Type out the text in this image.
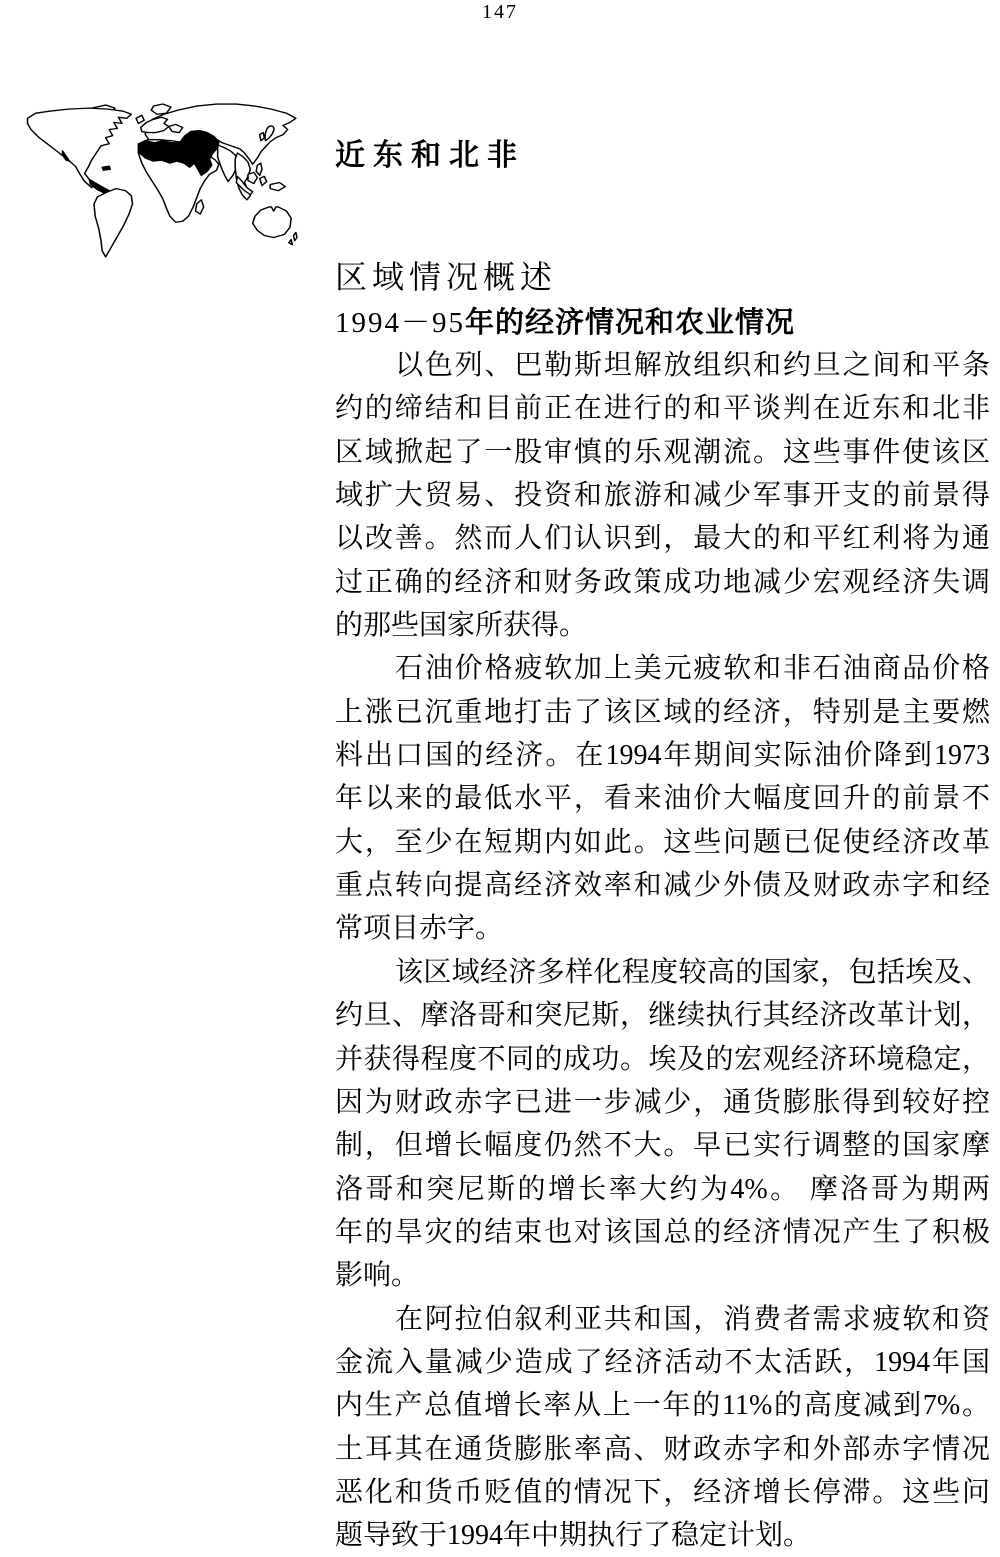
147
近东和北非
区域情况概述
1994－95年的经济情况和农业情况
以色列、巴勒斯坦解放组织和约旦之间和平条
约的缔结和目前正在进行的和平谈判在近东和北非
区域掀起了一股审慎的乐观潮流。这些事件使该区
域扩大贸易、投资和旅游和减少军事开支的前景得
以改善。然而人们认识到，最大的和平红利将为通
过正确的经济和财务政策成功地减少宏观经济失调
的那些国家所获得。
石油价格疲软加上美元疲软和非石油商品价格
上涨已沉重地打击了该区域的经济，特别是主要燃
料出口国的经济。在1994年期间实际油价降到1973
年以来的最低水平，看来油价大幅度回升的前景不
大，至少在短期内如此。这些问题已促使经济改革
重点转向提高经济效率和减少外债及财政赤字和经
常项目赤字。
该区域经济多样化程度较高的国家，包括埃及、
约旦、摩洛哥和突尼斯，继续执行其经济改革计划，
并获得程度不同的成功。埃及的宏观经济环境稳定，
因为财政赤字已进一步减少，通货膨胀得到较好控
制，但增长幅度仍然不大。早已实行调整的国家摩
洛哥和突尼斯的增长率大约为4%。 摩洛哥为期两
年的旱灾的结束也对该国总的经济情况产生了积极
影响。
在阿拉伯叙利亚共和国，消费者需求疲软和资
金流入量减少造成了经济活动不太活跃，1994年国
内生产总值增长率从上一年的11%的高度减到7%。
土耳其在通货膨胀率高、财政赤字和外部赤字情况
恶化和货币贬值的情况下，经济增长停滞。这些问
题导致于1994年中期执行了稳定计划。
